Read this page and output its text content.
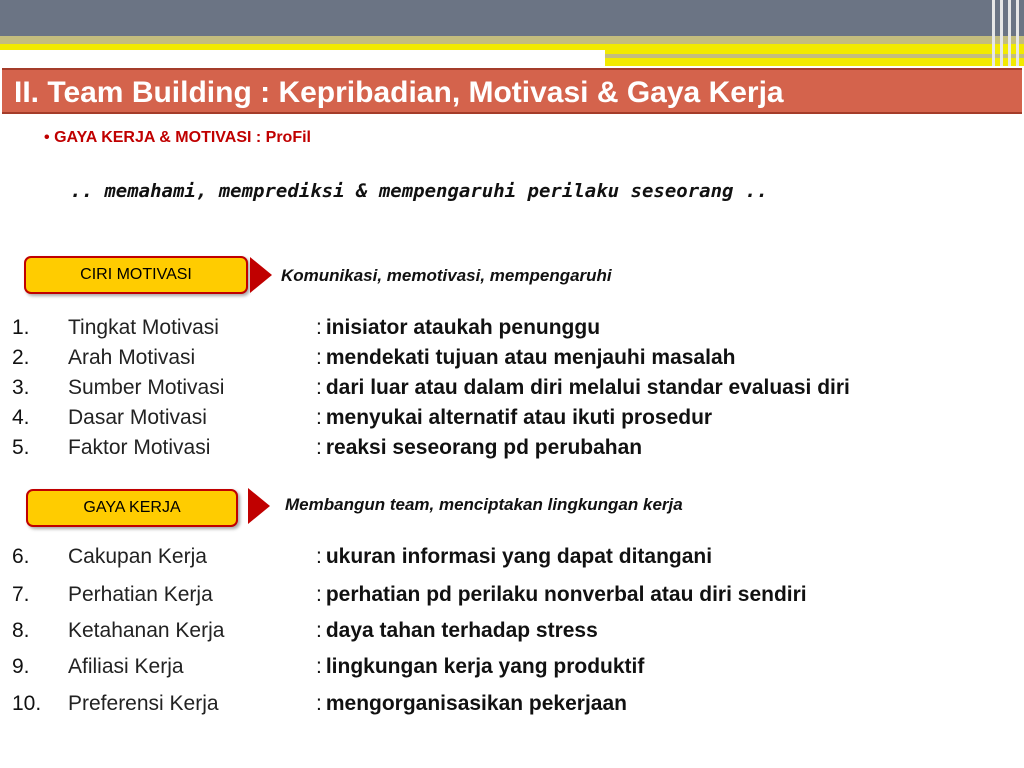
II. Team Building : Kepribadian, Motivasi & Gaya Kerja
• GAYA KERJA & MOTIVASI : ProFil
.. memahami, memprediksi & mempengaruhi perilaku seseorang ..
CIRI MOTIVASI	Komunikasi, memotivasi, mempengaruhi
1. Tingkat Motivasi	: inisiator ataukah penunggu
2. Arah Motivasi	: mendekati tujuan atau menjauhi masalah
3. Sumber Motivasi	: dari luar atau dalam diri melalui standar evaluasi diri
4. Dasar Motivasi	: menyukai alternatif atau ikuti prosedur
5. Faktor Motivasi	: reaksi seseorang pd perubahan
GAYA KERJA	Membangun team, menciptakan lingkungan kerja
6. Cakupan Kerja	: ukuran informasi yang dapat ditangani
7. Perhatian Kerja	: perhatian pd perilaku nonverbal atau diri sendiri
8. Ketahanan Kerja	: daya tahan terhadap stress
9. Afiliasi Kerja	: lingkungan kerja yang produktif
10. Preferensi Kerja	: mengorganisasikan pekerjaan
